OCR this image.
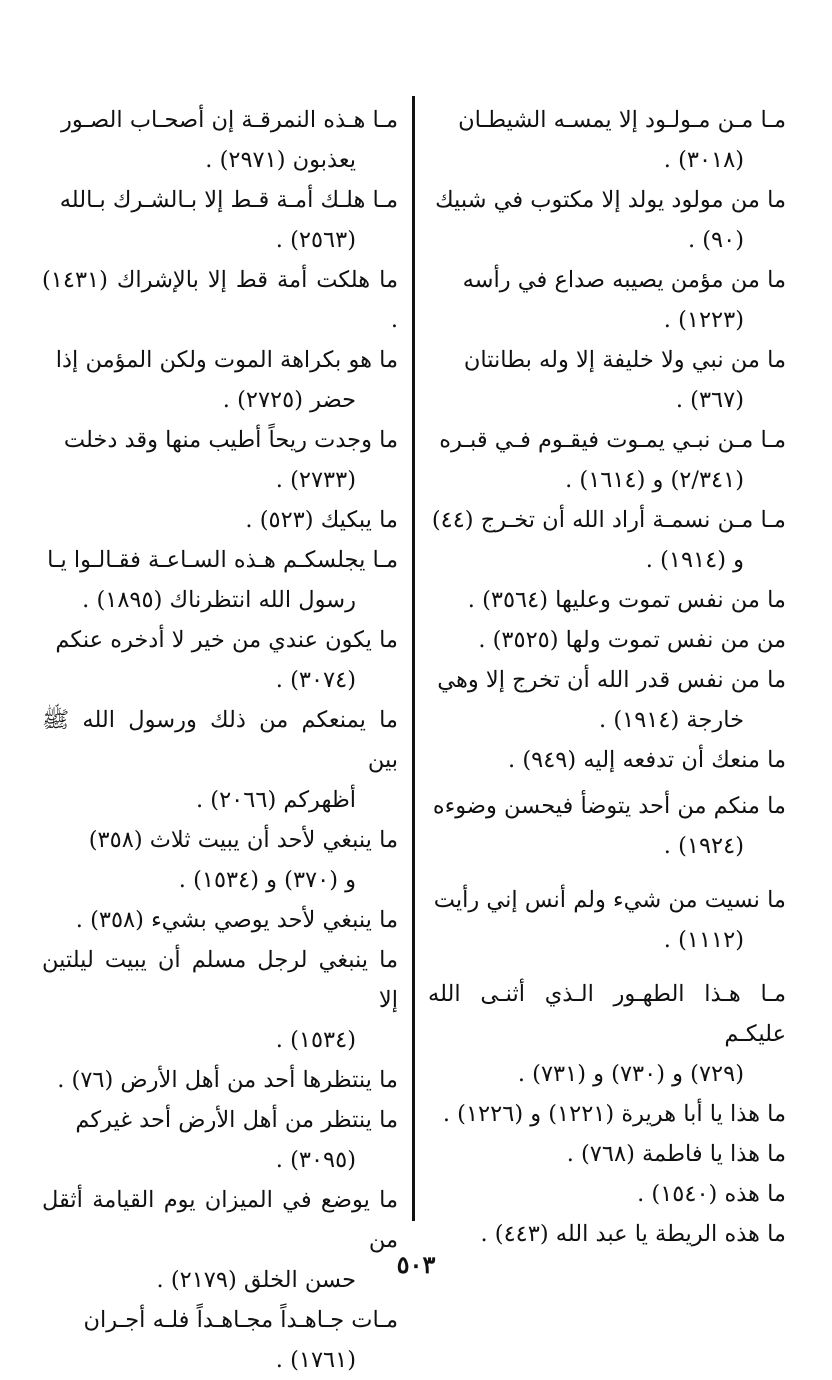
مـا مـن مـولـود إلا يمسـه الشيطـان
(٣٠١٨) .

ما من مولود يولد إلا مكتوب في شبيك
(٩٠) .

ما من مؤمن يصيبه صداع في رأسه
(١٢٢٣) .

ما من نبي ولا خليفة إلا وله بطانتان
(٣٦٧) .

مـا مـن نبـي يمـوت فيقـوم فـي قبـره
(٢/٣٤١) و (١٦١٤) .

مـا مـن نسمـة أراد الله أن تخـرج (٤٤)
و (١٩١٤) .

ما من نفس تموت وعليها (٣٥٦٤) .

من من نفس تموت ولها (٣٥٢٥) .

ما من نفس قدر الله أن تخرج إلا وهي
خارجة (١٩١٤) .

ما منعك أن تدفعه إليه (٩٤٩) .

ما منكم من أحد يتوضأ فيحسن وضوءه
(١٩٢٤) .

ما نسيت من شيء ولم أنس إني رأيت
(١١١٢) .

مـا هـذا الطهـور الـذي أثنـى الله عليكـم
(٧٢٩) و (٧٣٠) و (٧٣١) .

ما هذا يا أبا هريرة (١٢٢١) و (١٢٢٦) .

ما هذا يا فاطمة (٧٦٨) .

ما هذه (١٥٤٠) .

ما هذه الريطة يا عبد الله (٤٤٣) .

مـا هـذه النمرقـة إن أصحـاب الصـور
يعذبون (٢٩٧١) .

مـا هلـك أمـة قـط إلا بـالشـرك بـالله
(٢٥٦٣) .

ما هلكت أمة قط إلا بالإشراك (١٤٣١) .

ما هو بكراهة الموت ولكن المؤمن إذا
حضر (٢٧٢٥) .

ما وجدت ريحاً أطيب منها وقد دخلت
(٢٧٣٣) .

ما يبكيك (٥٢٣) .

مـا يجلسكـم هـذه السـاعـة فقـالـوا يـا
رسول الله انتظرناك (١٨٩٥) .

ما يكون عندي من خير لا أدخره عنكم
(٣٠٧٤) .

ما يمنعكم من ذلك ورسول الله ﷺ بين
أظهركم (٢٠٦٦) .

ما ينبغي لأحد أن يبيت ثلاث (٣٥٨)
و (٣٧٠) و (١٥٣٤) .

ما ينبغي لأحد يوصي بشيء (٣٥٨) .

ما ينبغي لرجل مسلم أن يبيت ليلتين إلا
(١٥٣٤) .

ما ينتظرها أحد من أهل الأرض (٧٦) .

ما ينتظر من أهل الأرض أحد غيركم
(٣٠٩٥) .

ما يوضع في الميزان يوم القيامة أثقل من
حسن الخلق (٢١٧٩) .

مـات جـاهـداً مجـاهـداً فلـه أجـران
(١٧٦١) .

٥٠٣
